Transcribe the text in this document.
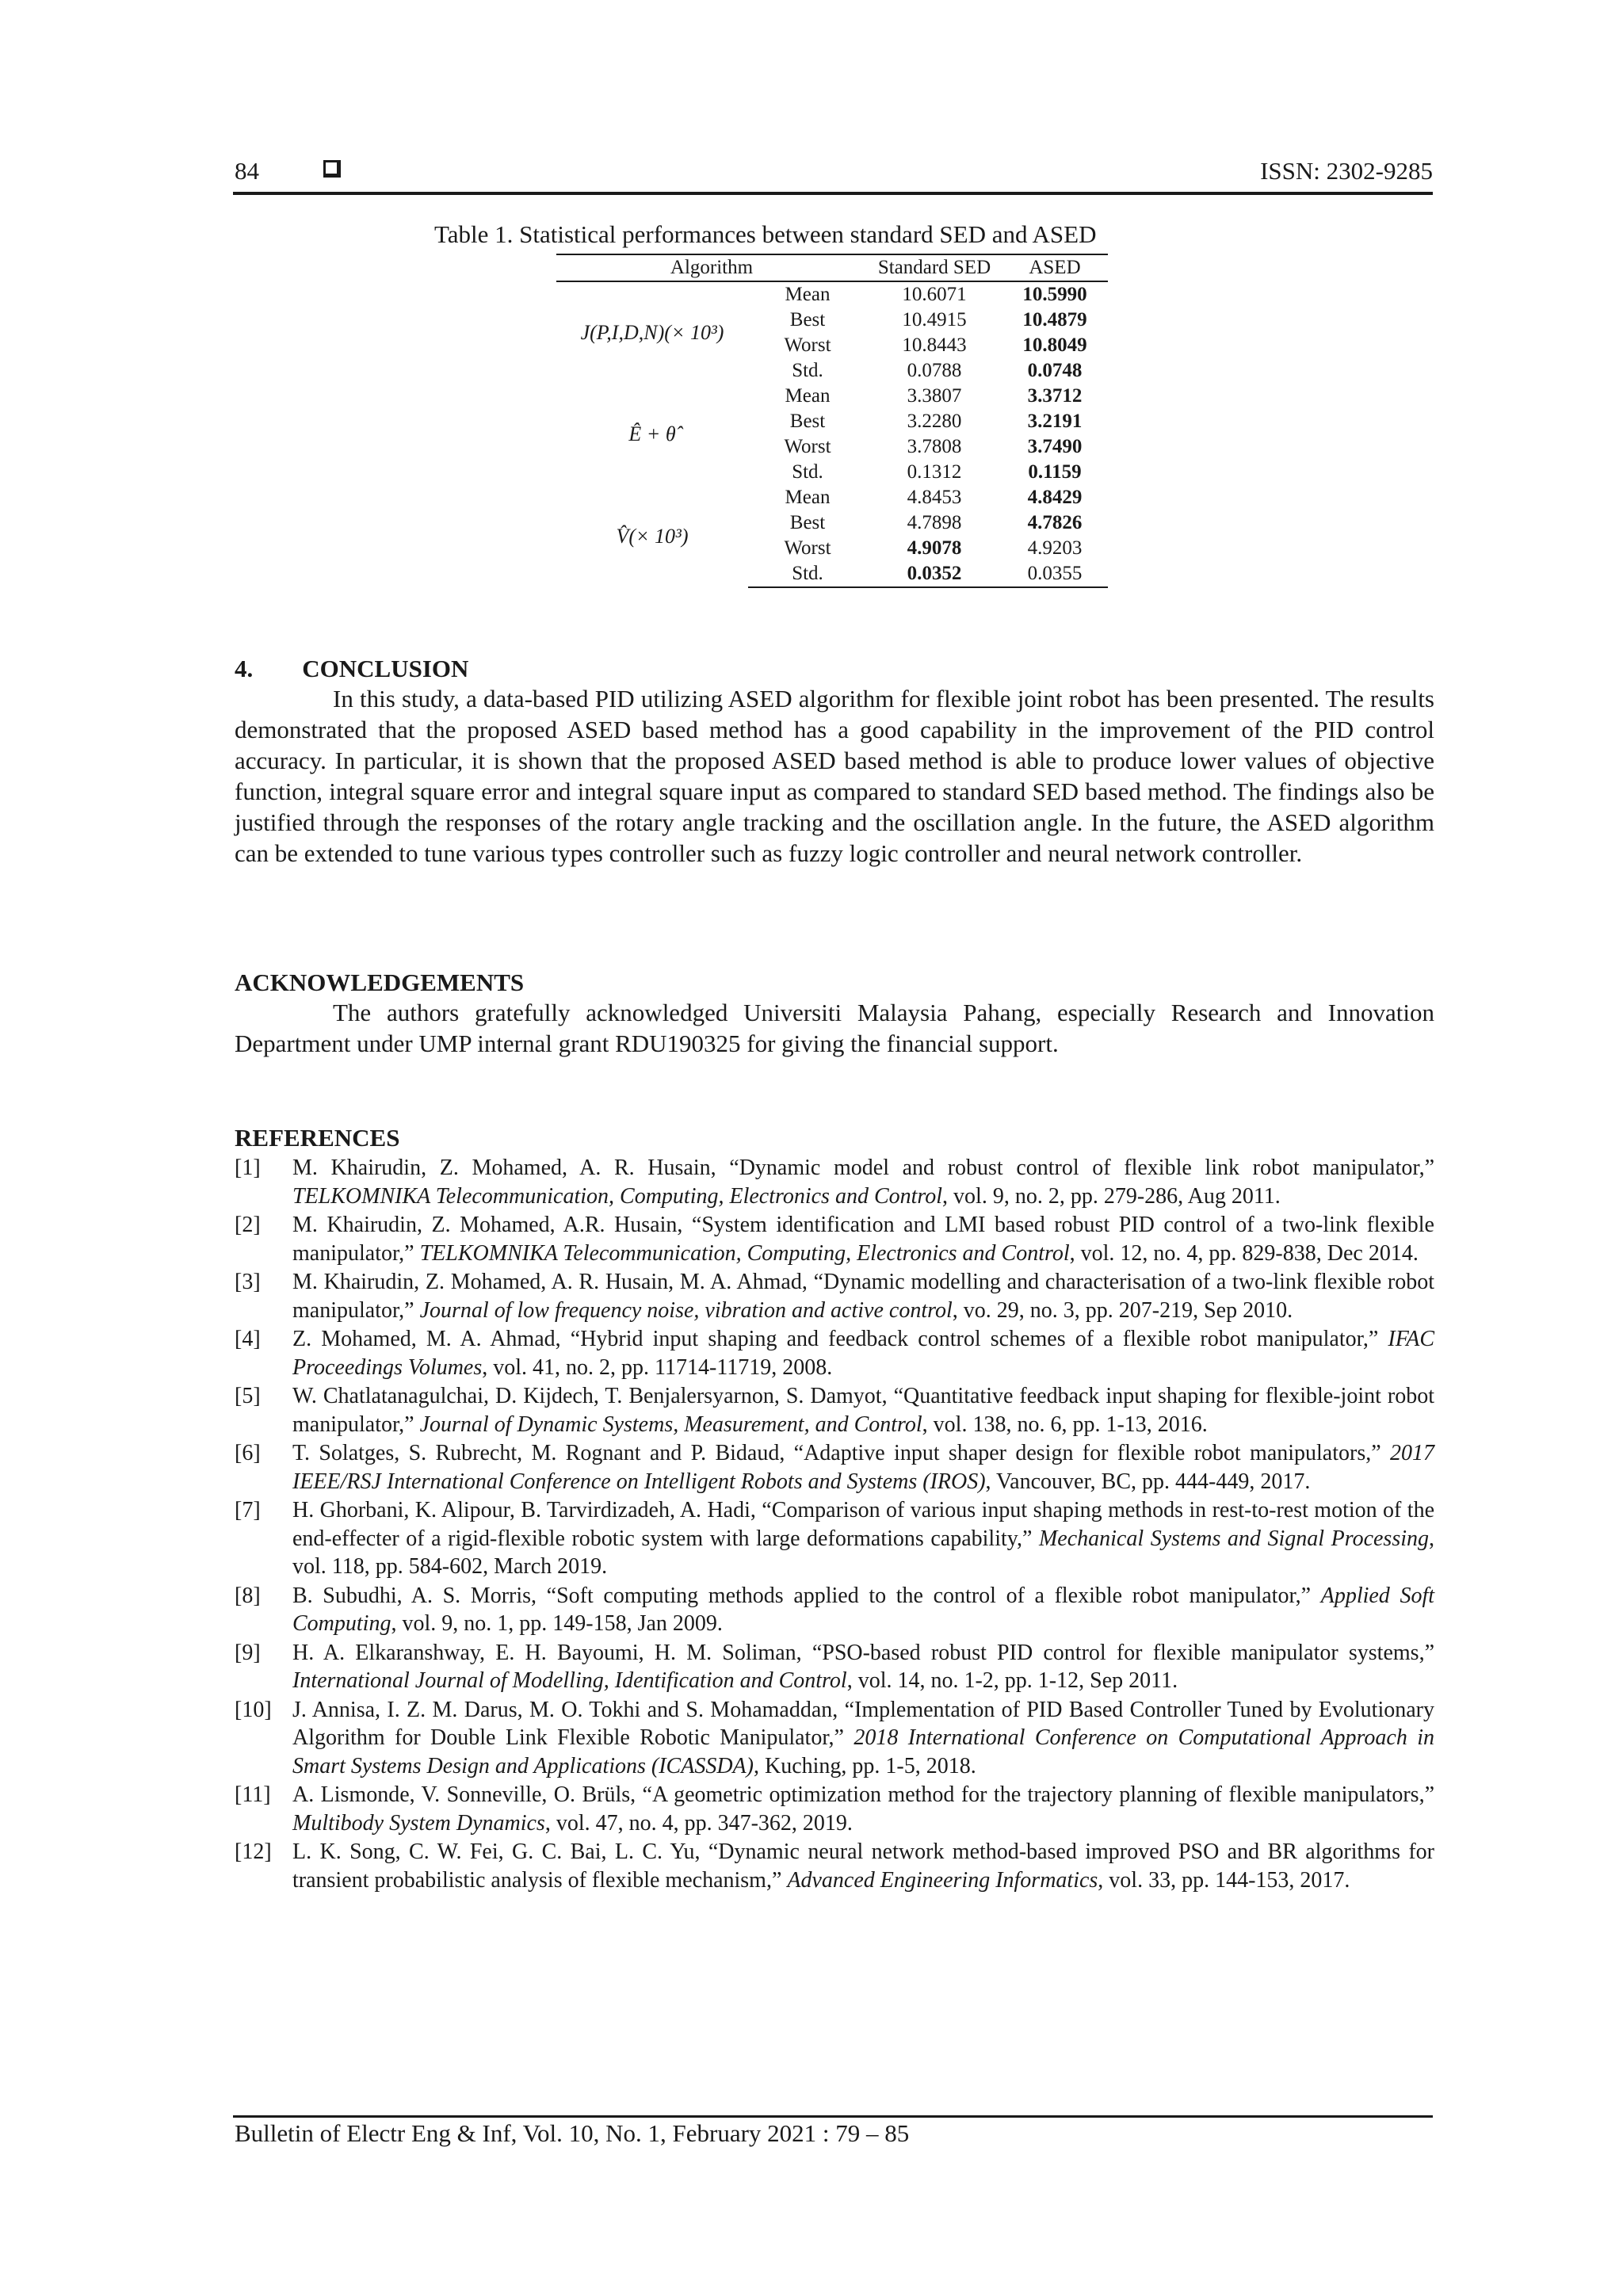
84	ISSN: 2302-9285
Table 1. Statistical performances between standard SED and ASED
Algorithm		Standard SED	ASED
J(P,I,D,N)(× 10³)	Mean	10.6071	10.5990
	Best	10.4915	10.4879
	Worst	10.8443	10.8049
	Std.	0.0788	0.0748
Ê + θ̂	Mean	3.3807	3.3712
	Best	3.2280	3.2191
	Worst	3.7808	3.7490
	Std.	0.1312	0.1159
V̂(× 10³)	Mean	4.8453	4.8429
	Best	4.7898	4.7826
	Worst	4.9078	4.9203
	Std.	0.0352	0.0355
4.  CONCLUSION

In this study, a data-based PID utilizing ASED algorithm for flexible joint robot has been presented. The results demonstrated that the proposed ASED based method has a good capability in the improvement of the PID control accuracy. In particular, it is shown that the proposed ASED based method is able to produce lower values of objective function, integral square error and integral square input as compared to standard SED based method. The findings also be justified through the responses of the rotary angle tracking and the oscillation angle. In the future, the ASED algorithm can be extended to tune various types controller such as fuzzy logic controller and neural network controller.

ACKNOWLEDGEMENTS

The authors gratefully acknowledged Universiti Malaysia Pahang, especially Research and Innovation Department under UMP internal grant RDU190325 for giving the financial support.

REFERENCES
[1] M. Khairudin, Z. Mohamed, A. R. Husain, “Dynamic model and robust control of flexible link robot manipulator,” TELKOMNIKA Telecommunication, Computing, Electronics and Control, vol. 9, no. 2, pp. 279-286, Aug 2011.
[2] M. Khairudin, Z. Mohamed, A.R. Husain, “System identification and LMI based robust PID control of a two-link flexible manipulator,” TELKOMNIKA Telecommunication, Computing, Electronics and Control, vol. 12, no. 4, pp. 829-838, Dec 2014.
[3] M. Khairudin, Z. Mohamed, A. R. Husain, M. A. Ahmad, “Dynamic modelling and characterisation of a two-link flexible robot manipulator,” Journal of low frequency noise, vibration and active control, vo. 29, no. 3, pp. 207-219, Sep 2010.
[4] Z. Mohamed, M. A. Ahmad, “Hybrid input shaping and feedback control schemes of a flexible robot manipulator,” IFAC Proceedings Volumes, vol. 41, no. 2, pp. 11714-11719, 2008.
[5] W. Chatlatanagulchai, D. Kijdech, T. Benjalersyarnon, S. Damyot, “Quantitative feedback input shaping for flexible-joint robot manipulator,” Journal of Dynamic Systems, Measurement, and Control, vol. 138, no. 6, pp. 1-13, 2016.
[6] T. Solatges, S. Rubrecht, M. Rognant and P. Bidaud, “Adaptive input shaper design for flexible robot manipulators,” 2017 IEEE/RSJ International Conference on Intelligent Robots and Systems (IROS), Vancouver, BC, pp. 444-449, 2017.
[7] H. Ghorbani, K. Alipour, B. Tarvirdizadeh, A. Hadi, “Comparison of various input shaping methods in rest-to-rest motion of the end-effecter of a rigid-flexible robotic system with large deformations capability,” Mechanical Systems and Signal Processing, vol. 118, pp. 584-602, March 2019.
[8] B. Subudhi, A. S. Morris, “Soft computing methods applied to the control of a flexible robot manipulator,” Applied Soft Computing, vol. 9, no. 1, pp. 149-158, Jan 2009.
[9] H. A. Elkaranshway, E. H. Bayoumi, H. M. Soliman, “PSO-based robust PID control for flexible manipulator systems,” International Journal of Modelling, Identification and Control, vol. 14, no. 1-2, pp. 1-12, Sep 2011.
[10] J. Annisa, I. Z. M. Darus, M. O. Tokhi and S. Mohamaddan, “Implementation of PID Based Controller Tuned by Evolutionary Algorithm for Double Link Flexible Robotic Manipulator,” 2018 International Conference on Computational Approach in Smart Systems Design and Applications (ICASSDA), Kuching, pp. 1-5, 2018.
[11] A. Lismonde, V. Sonneville, O. Brüls, “A geometric optimization method for the trajectory planning of flexible manipulators,” Multibody System Dynamics, vol. 47, no. 4, pp. 347-362, 2019.
[12] L. K. Song, C. W. Fei, G. C. Bai, L. C. Yu, “Dynamic neural network method-based improved PSO and BR algorithms for transient probabilistic analysis of flexible mechanism,” Advanced Engineering Informatics, vol. 33, pp. 144-153, 2017.
Bulletin of Electr Eng & Inf, Vol. 10, No. 1, February 2021 : 79 – 85
